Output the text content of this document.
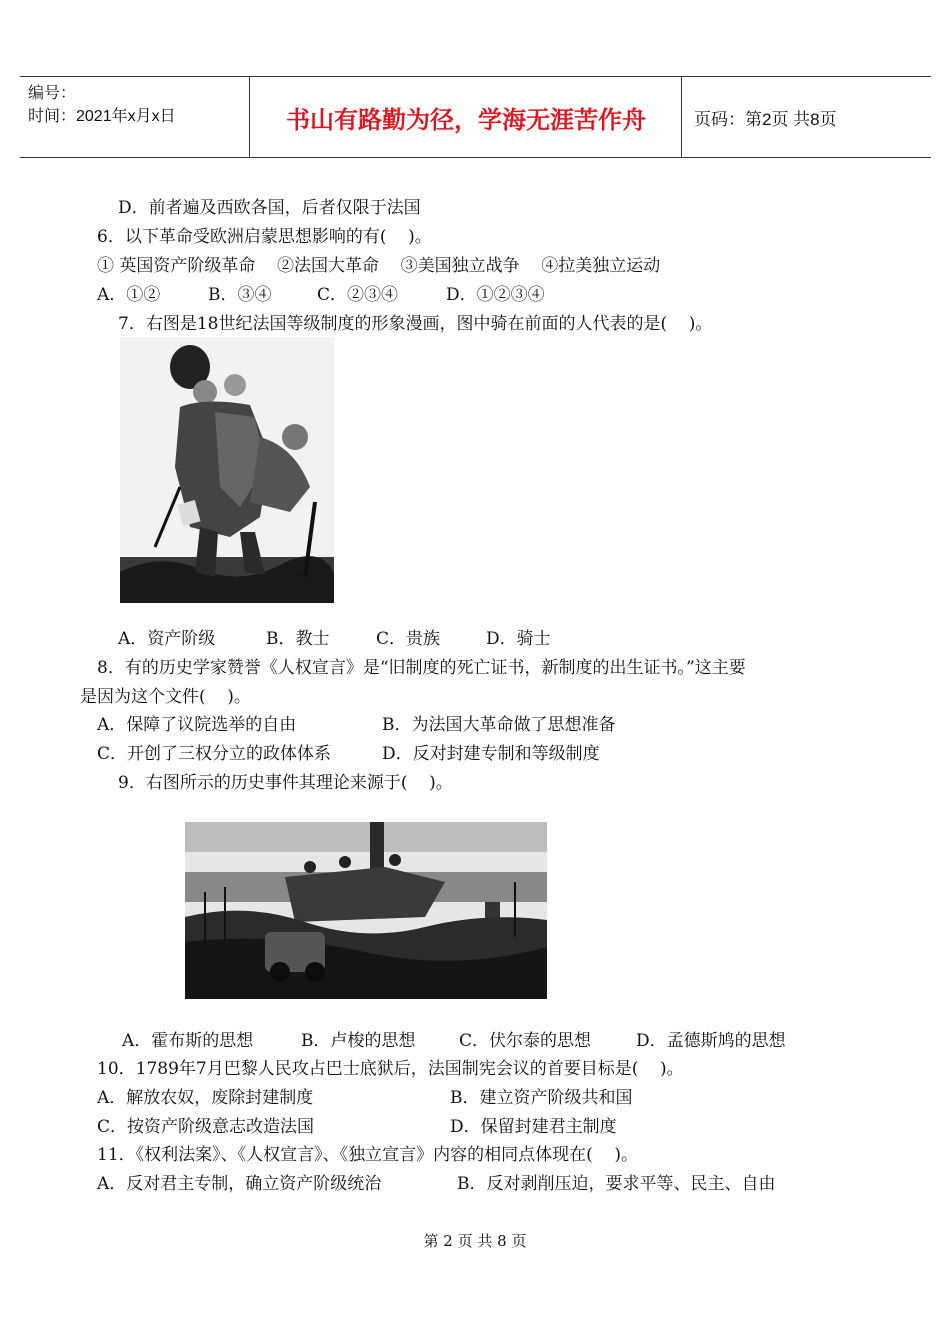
编号：
时间：2021年x月x日	书山有路勤为径，学海无涯苦作舟	页码：第2页 共8页
D．前者遍及西欧各国，后者仅限于法国
6．以下革命受欧洲启蒙思想影响的有(    )。
① 英国资产阶级革命    ②法国大革命    ③美国独立战争    ④拉美独立运动
A．①②	B．③④	C．②③④	D．①②③④
7．右图是18世纪法国等级制度的形象漫画，图中骑在前面的人代表的是(    )。
A．资产阶级	B．教士	C．贵族	D．骑士
8．有的历史学家赞誉《人权宣言》是“旧制度的死亡证书，新制度的出生证书。”这主要
是因为这个文件(    )。
A．保障了议院选举的自由	B．为法国大革命做了思想准备
C．开创了三权分立的政体体系	D．反对封建专制和等级制度
9．右图所示的历史事件其理论来源于(    )。
A．霍布斯的思想	B．卢梭的思想	C．伏尔泰的思想	D．孟德斯鸠的思想
10．1789年7月巴黎人民攻占巴士底狱后，法国制宪会议的首要目标是(    )。
A．解放农奴，废除封建制度	B．建立资产阶级共和国
C．按资产阶级意志改造法国	D．保留封建君主制度
11．《权利法案》、《人权宣言》、《独立宣言》内容的相同点体现在(    )。
A．反对君主专制，确立资产阶级统治	B．反对剥削压迫，要求平等、民主、自由
第 2 页 共 8 页
